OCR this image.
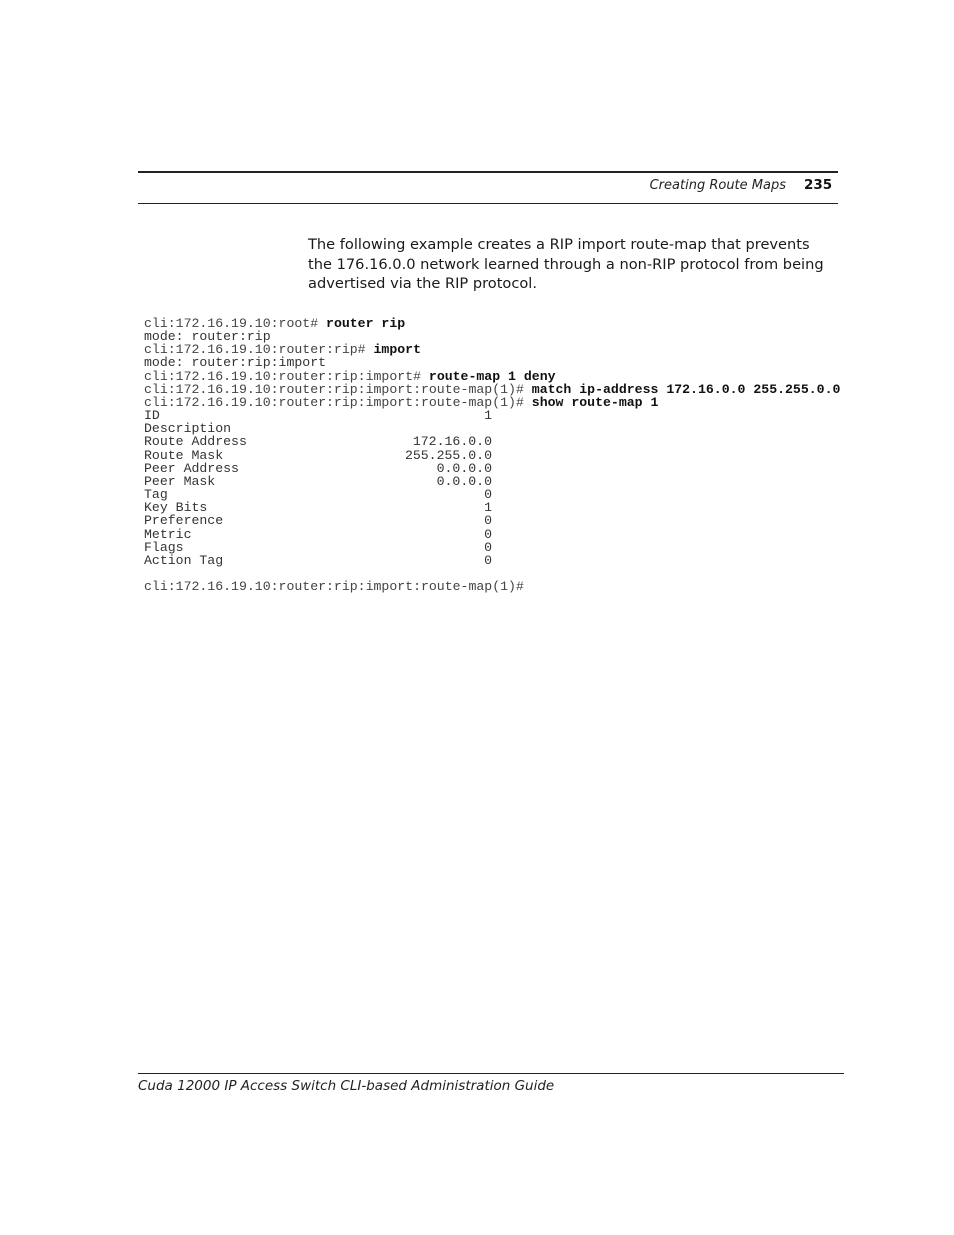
Creating Route Maps 235

The following example creates a RIP import route-map that prevents the 176.16.0.0 network learned through a non-RIP protocol from being advertised via the RIP protocol.

cli:172.16.19.10:root# router rip
mode: router:rip
cli:172.16.19.10:router:rip# import
mode: router:rip:import
cli:172.16.19.10:router:rip:import# route-map 1 deny
cli:172.16.19.10:router:rip:import:route-map(1)# match ip-address 172.16.0.0 255.255.0.0
cli:172.16.19.10:router:rip:import:route-map(1)# show route-map 1
ID	1
Description
Route Address	172.16.0.0
Route Mask	255.255.0.0
Peer Address	0.0.0.0
Peer Mask	0.0.0.0
Tag	0
Key Bits	1
Preference	0
Metric	0
Flags	0
Action Tag	0

cli:172.16.19.10:router:rip:import:route-map(1)#
Cuda 12000 IP Access Switch CLI-based Administration Guide
